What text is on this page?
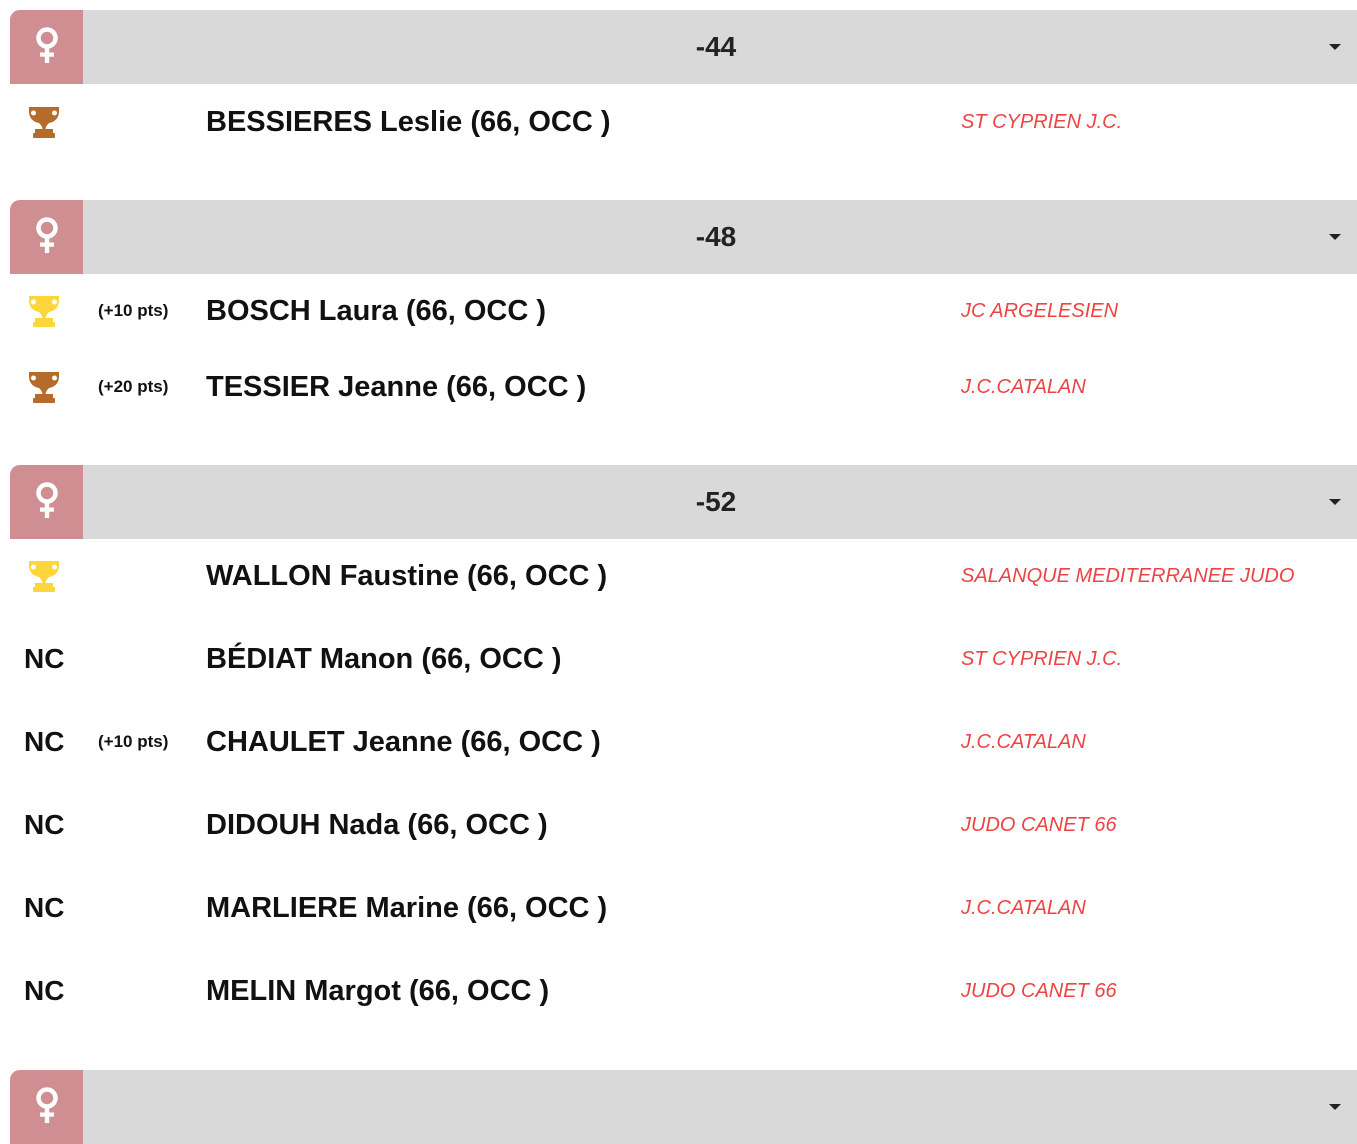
-44
BESSIERES Leslie (66, OCC )	ST CYPRIEN J.C.
-48
(+10 pts) BOSCH Laura (66, OCC )	JC ARGELESIEN
(+20 pts) TESSIER Jeanne (66, OCC )	J.C.CATALAN
-52
WALLON Faustine (66, OCC )	SALANQUE MEDITERRANEE JUDO
NC	BÉDIAT Manon (66, OCC )	ST CYPRIEN J.C.
NC (+10 pts) CHAULET Jeanne (66, OCC )	J.C.CATALAN
NC	DIDOUH Nada (66, OCC )	JUDO CANET 66
NC	MARLIERE Marine (66, OCC )	J.C.CATALAN
NC	MELIN Margot (66, OCC )	JUDO CANET 66
